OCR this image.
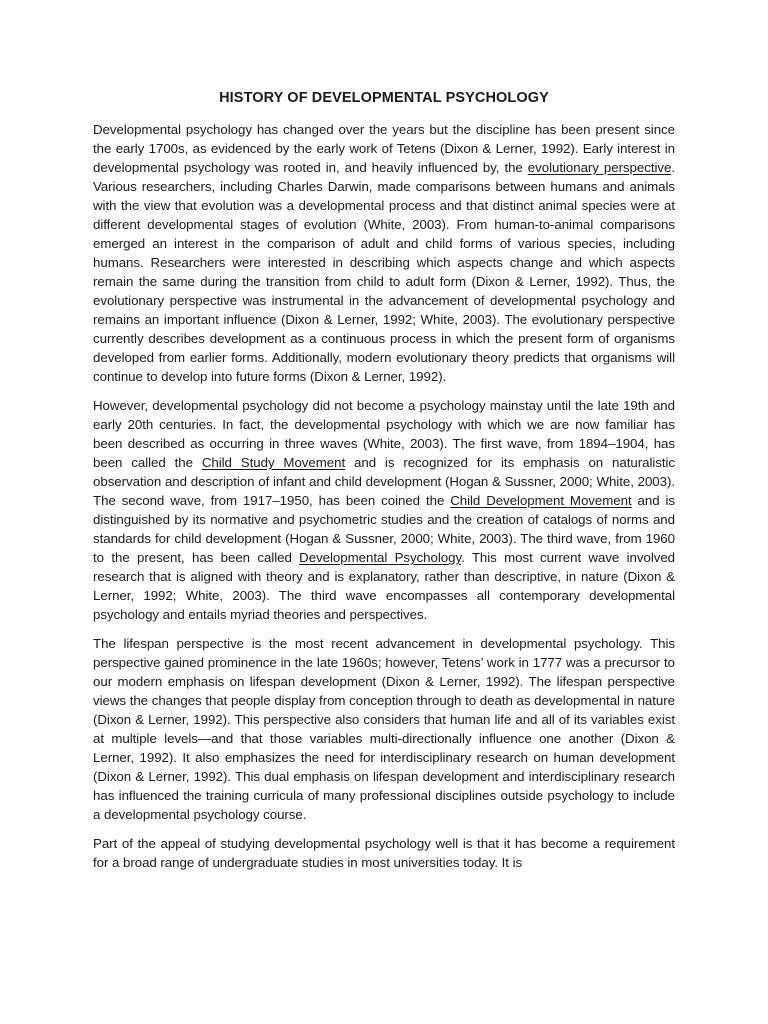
HISTORY OF DEVELOPMENTAL PSYCHOLOGY

Developmental psychology has changed over the years but the discipline has been present since the early 1700s, as evidenced by the early work of Tetens (Dixon & Lerner, 1992). Early interest in developmental psychology was rooted in, and heavily influenced by, the evolutionary perspective. Various researchers, including Charles Darwin, made comparisons between humans and animals with the view that evolution was a developmental process and that distinct animal species were at different developmental stages of evolution (White, 2003). From human-to-animal comparisons emerged an interest in the comparison of adult and child forms of various species, including humans. Researchers were interested in describing which aspects change and which aspects remain the same during the transition from child to adult form (Dixon & Lerner, 1992). Thus, the evolutionary perspective was instrumental in the advancement of developmental psychology and remains an important influence (Dixon & Lerner, 1992; White, 2003). The evolutionary perspective currently describes development as a continuous process in which the present form of organisms developed from earlier forms. Additionally, modern evolutionary theory predicts that organisms will continue to develop into future forms (Dixon & Lerner, 1992).

However, developmental psychology did not become a psychology mainstay until the late 19th and early 20th centuries. In fact, the developmental psychology with which we are now familiar has been described as occurring in three waves (White, 2003). The first wave, from 1894–1904, has been called the Child Study Movement and is recognized for its emphasis on naturalistic observation and description of infant and child development (Hogan & Sussner, 2000; White, 2003). The second wave, from 1917–1950, has been coined the Child Development Movement and is distinguished by its normative and psychometric studies and the creation of catalogs of norms and standards for child development (Hogan & Sussner, 2000; White, 2003). The third wave, from 1960 to the present, has been called Developmental Psychology. This most current wave involved research that is aligned with theory and is explanatory, rather than descriptive, in nature (Dixon & Lerner, 1992; White, 2003). The third wave encompasses all contemporary developmental psychology and entails myriad theories and perspectives.

The lifespan perspective is the most recent advancement in developmental psychology. This perspective gained prominence in the late 1960s; however, Tetens’ work in 1777 was a precursor to our modern emphasis on lifespan development (Dixon & Lerner, 1992). The lifespan perspective views the changes that people display from conception through to death as developmental in nature (Dixon & Lerner, 1992). This perspective also considers that human life and all of its variables exist at multiple levels—and that those variables multi-directionally influence one another (Dixon & Lerner, 1992). It also emphasizes the need for interdisciplinary research on human development (Dixon & Lerner, 1992). This dual emphasis on lifespan development and interdisciplinary research has influenced the training curricula of many professional disciplines outside psychology to include a developmental psychology course.

Part of the appeal of studying developmental psychology well is that it has become a requirement for a broad range of undergraduate studies in most universities today. It is
